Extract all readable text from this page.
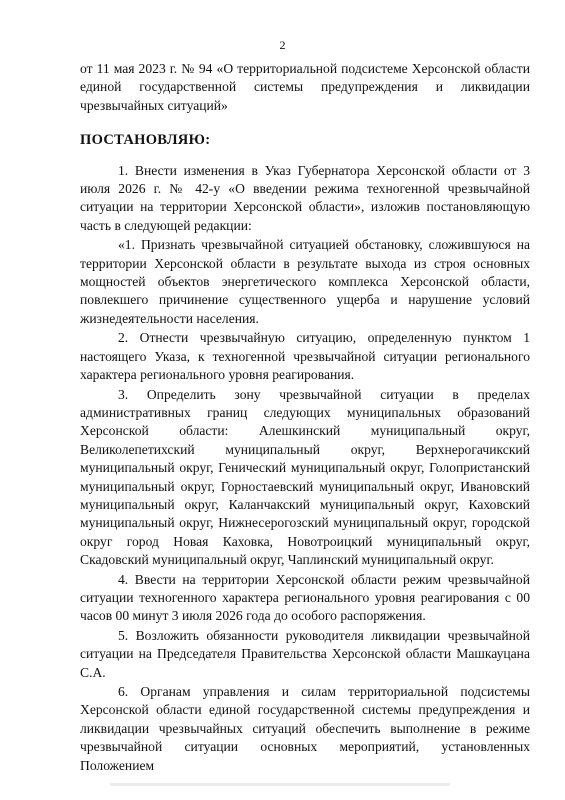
2

от 11 мая 2023 г. № 94 «О территориальной подсистеме Херсонской области единой государственной системы предупреждения и ликвидации чрезвычайных ситуаций»

ПОСТАНОВЛЯЮ:

1. Внести изменения в Указ Губернатора Херсонской области от 3 июля 2026 г. № 42-у «О введении режима техногенной чрезвычайной ситуации на территории Херсонской области», изложив постановляющую часть в следующей редакции:

«1. Признать чрезвычайной ситуацией обстановку, сложившуюся на территории Херсонской области в результате выхода из строя основных мощностей объектов энергетического комплекса Херсонской области, повлекшего причинение существенного ущерба и нарушение условий жизнедеятельности населения.

2. Отнести чрезвычайную ситуацию, определенную пунктом 1 настоящего Указа, к техногенной чрезвычайной ситуации регионального характера регионального уровня реагирования.

3. Определить зону чрезвычайной ситуации в пределах административных границ следующих муниципальных образований Херсонской области: Алешкинский муниципальный округ, Великолепетихский муниципальный округ, Верхнерогачикский муниципальный округ, Генический муниципальный округ, Голопристанский муниципальный округ, Горностаевский муниципальный округ, Ивановский муниципальный округ, Каланчакский муниципальный округ, Каховский муниципальный округ, Нижнесерогозский муниципальный округ, городской округ город Новая Каховка, Новотроицкий муниципальный округ, Скадовский муниципальный округ, Чаплинский муниципальный округ.

4. Ввести на территории Херсонской области режим чрезвычайной ситуации техногенного характера регионального уровня реагирования с 00 часов 00 минут 3 июля 2026 года до особого распоряжения.

5. Возложить обязанности руководителя ликвидации чрезвычайной ситуации на Председателя Правительства Херсонской области Машкауцана С.А.

6. Органам управления и силам территориальной подсистемы Херсонской области единой государственной системы предупреждения и ликвидации чрезвычайных ситуаций обеспечить выполнение в режиме чрезвычайной ситуации основных мероприятий, установленных Положением
